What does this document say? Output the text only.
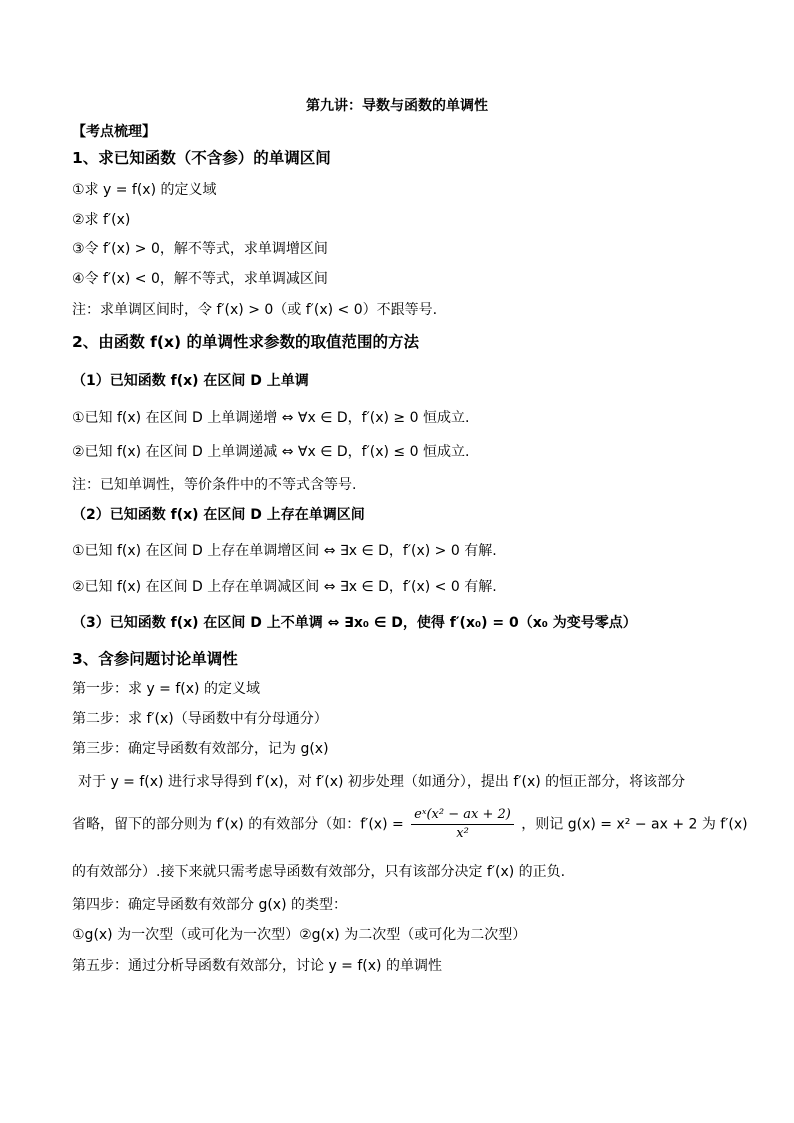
第九讲：导数与函数的单调性
【考点梳理】
1、求已知函数（不含参）的单调区间
①求 y = f(x) 的定义域
②求 f′(x)
③令 f′(x) > 0，解不等式，求单调增区间
④令 f′(x) < 0，解不等式，求单调减区间
注：求单调区间时，令 f′(x) > 0（或 f′(x) < 0）不跟等号.
2、由函数 f(x) 的单调性求参数的取值范围的方法
（1）已知函数 f(x) 在区间 D 上单调
①已知 f(x) 在区间 D 上单调递增 ⇔ ∀x ∈ D，f′(x) ≥ 0 恒成立.
②已知 f(x) 在区间 D 上单调递减 ⇔ ∀x ∈ D，f′(x) ≤ 0 恒成立.
注：已知单调性，等价条件中的不等式含等号.
（2）已知函数 f(x) 在区间 D 上存在单调区间
①已知 f(x) 在区间 D 上存在单调增区间 ⇔ ∃x ∈ D，f′(x) > 0 有解.
②已知 f(x) 在区间 D 上存在单调减区间 ⇔ ∃x ∈ D，f′(x) < 0 有解.
（3）已知函数 f(x) 在区间 D 上不单调 ⇔ ∃x₀ ∈ D，使得 f′(x₀) = 0（x₀ 为变号零点）
3、含参问题讨论单调性
第一步：求 y = f(x) 的定义域
第二步：求 f′(x)（导函数中有分母通分）
第三步：确定导函数有效部分，记为 g(x)
对于 y = f(x) 进行求导得到 f′(x)，对 f′(x) 初步处理（如通分），提出 f′(x) 的恒正部分，将该部分
省略，留下的部分则为 f′(x) 的有效部分（如：$f'(x) = \frac{\text{eˣ(x² − ax + 2)}}{\text{x²}}$ ，则记 g(x) = x² − ax + 2 为 f′(x)
的有效部分）.接下来就只需考虑导函数有效部分，只有该部分决定 f′(x) 的正负.
第四步：确定导函数有效部分 g(x) 的类型：
①g(x) 为一次型（或可化为一次型）②g(x) 为二次型（或可化为二次型）
第五步：通过分析导函数有效部分，讨论 y = f(x) 的单调性
